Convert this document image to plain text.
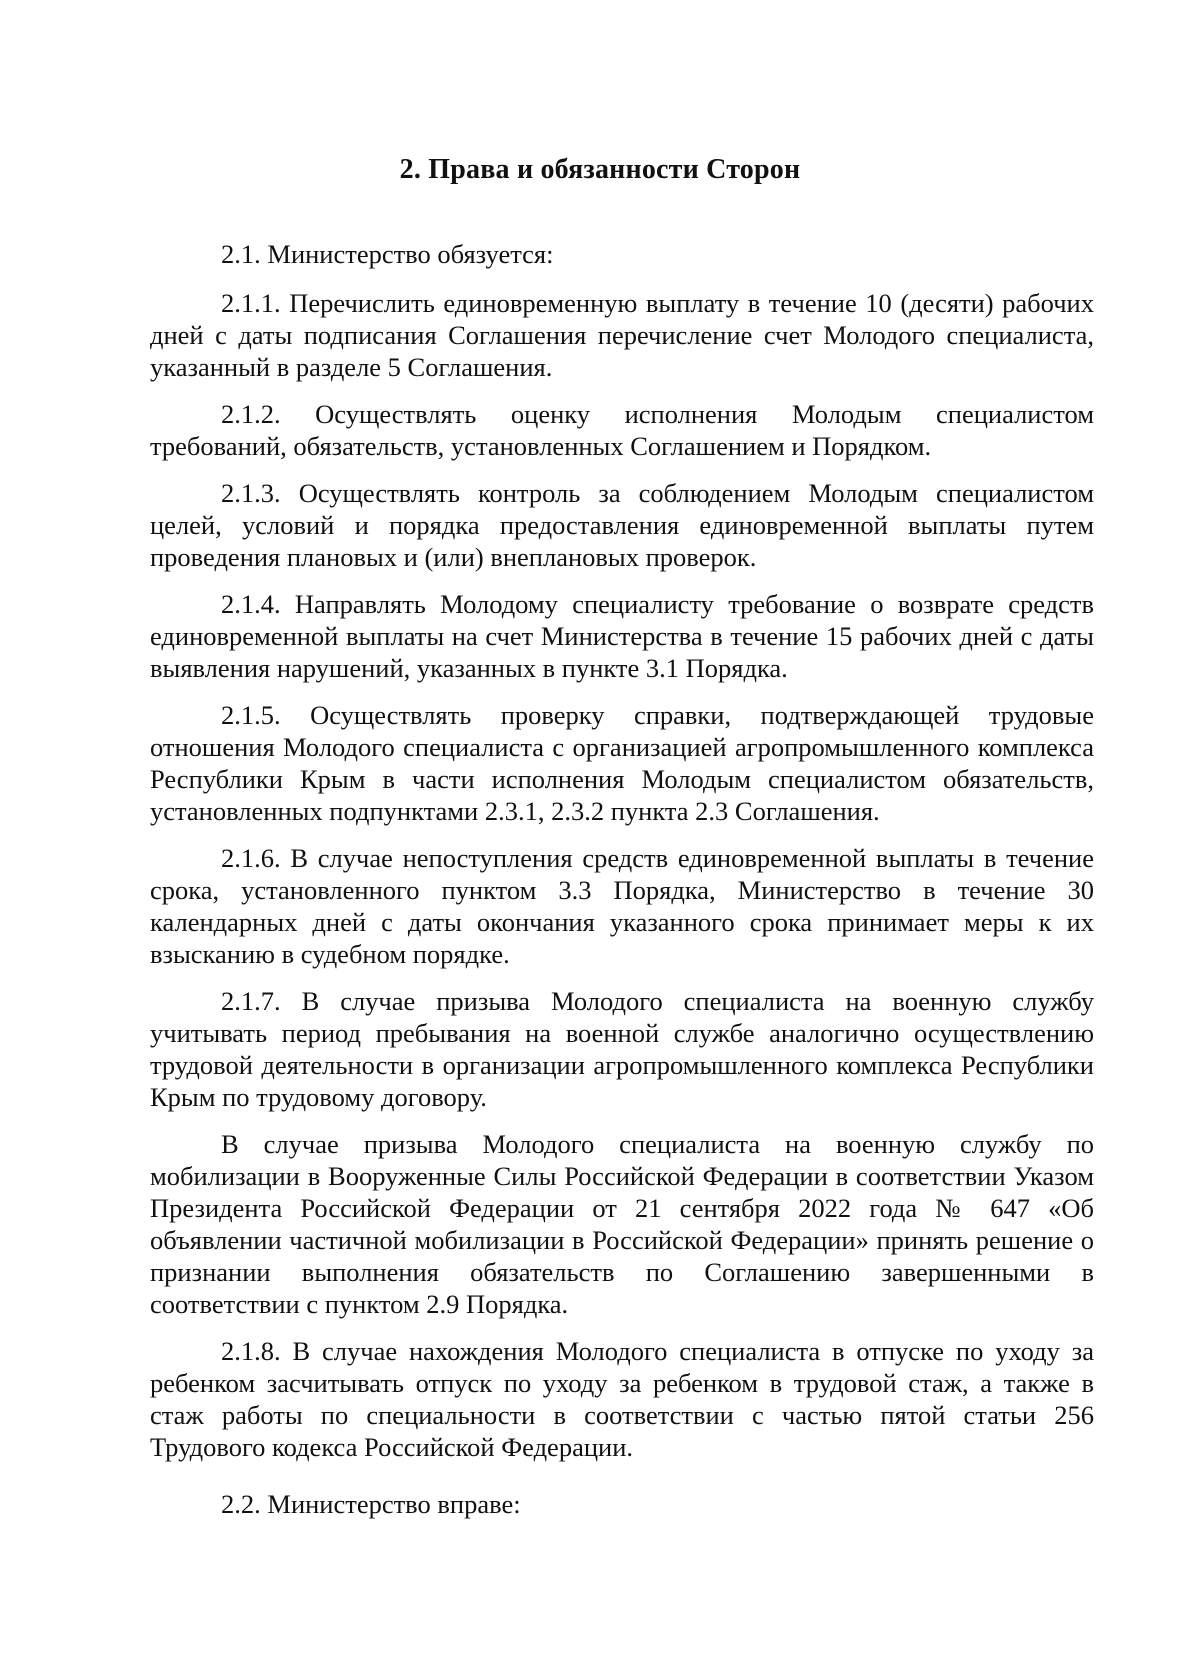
2. Права и обязанности Сторон

2.1. Министерство обязуется:

2.1.1. Перечислить единовременную выплату в течение 10 (десяти) рабочих дней с даты подписания Соглашения перечисление счет Молодого специалиста, указанный в разделе 5 Соглашения.

2.1.2. Осуществлять оценку исполнения Молодым специалистом требований, обязательств, установленных Соглашением и Порядком.

2.1.3. Осуществлять контроль за соблюдением Молодым специалистом целей, условий и порядка предоставления единовременной выплаты путем проведения плановых и (или) внеплановых проверок.

2.1.4. Направлять Молодому специалисту требование о возврате средств единовременной выплаты на счет Министерства в течение 15 рабочих дней с даты выявления нарушений, указанных в пункте 3.1 Порядка.

2.1.5. Осуществлять проверку справки, подтверждающей трудовые отношения Молодого специалиста с организацией агропромышленного комплекса Республики Крым в части исполнения Молодым специалистом обязательств, установленных подпунктами 2.3.1, 2.3.2 пункта 2.3 Соглашения.

2.1.6. В случае непоступления средств единовременной выплаты в течение срока, установленного пунктом 3.3 Порядка, Министерство в течение 30 календарных дней с даты окончания указанного срока принимает меры к их взысканию в судебном порядке.

2.1.7. В случае призыва Молодого специалиста на военную службу учитывать период пребывания на военной службе аналогично осуществлению трудовой деятельности в организации агропромышленного комплекса Республики Крым по трудовому договору.

В случае призыва Молодого специалиста на военную службу по мобилизации в Вооруженные Силы Российской Федерации в соответствии Указом Президента Российской Федерации от 21 сентября 2022 года № 647 «Об объявлении частичной мобилизации в Российской Федерации» принять решение о признании выполнения обязательств по Соглашению завершенными в соответствии с пунктом 2.9 Порядка.

2.1.8. В случае нахождения Молодого специалиста в отпуске по уходу за ребенком засчитывать отпуск по уходу за ребенком в трудовой стаж, а также в стаж работы по специальности в соответствии с частью пятой статьи 256 Трудового кодекса Российской Федерации.

2.2. Министерство вправе:
